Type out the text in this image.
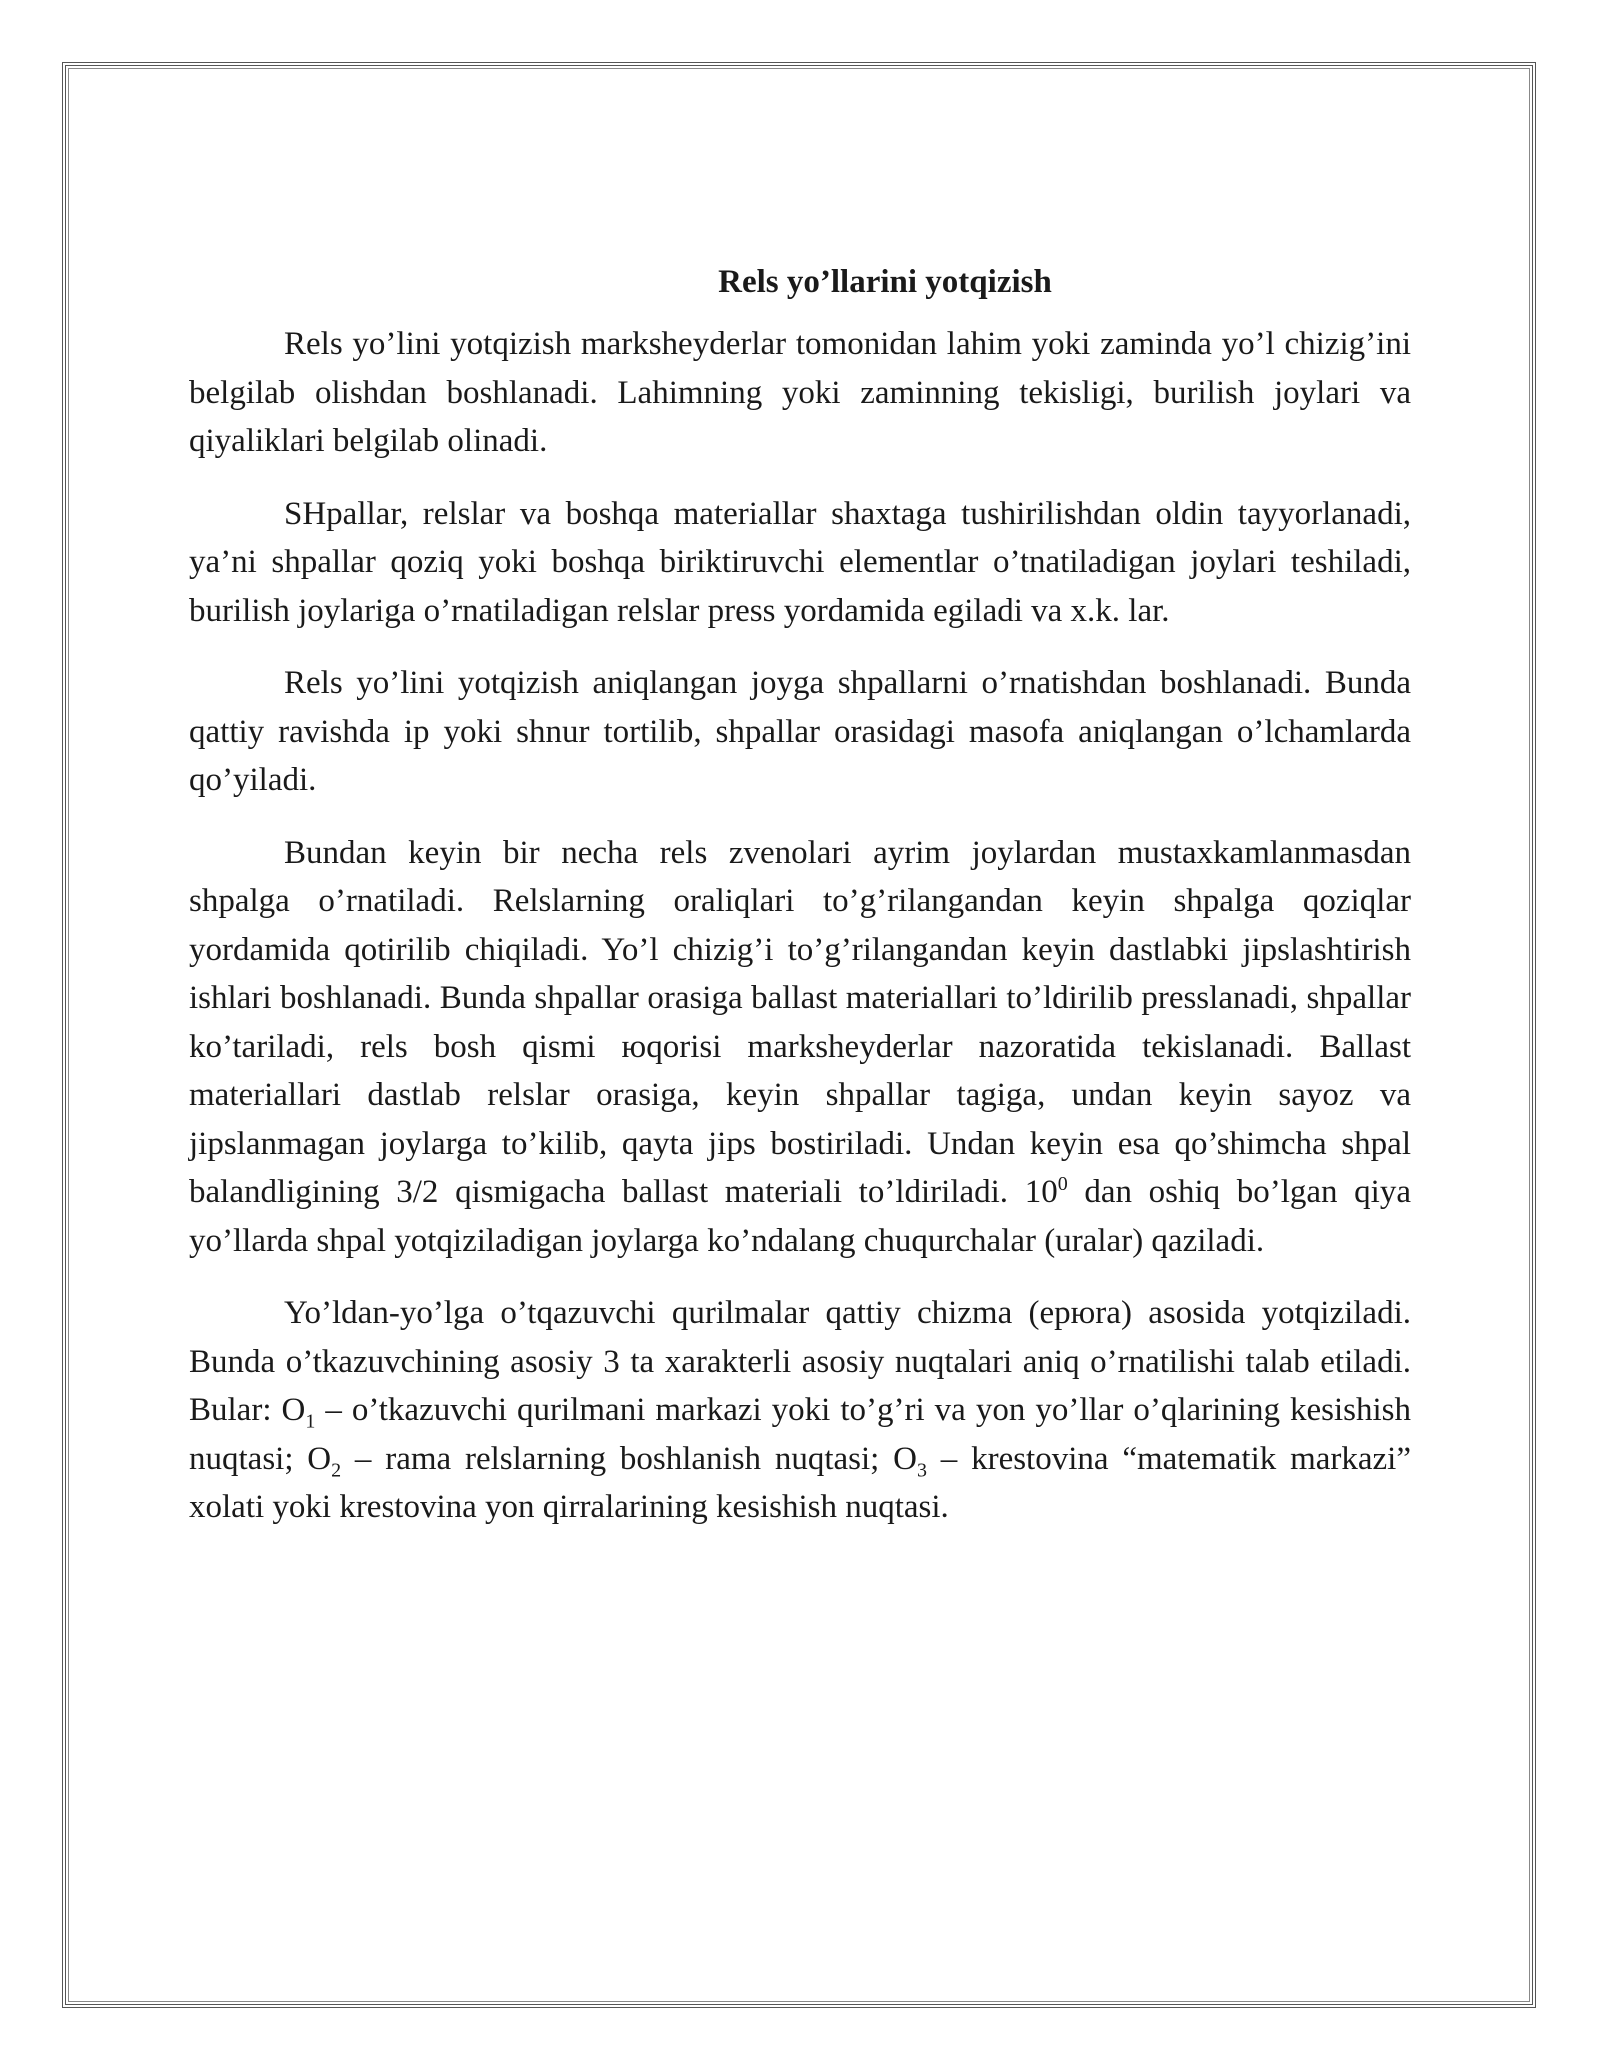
Rels yo’llarini yotqizish

Rels yo’lini yotqizish marksheyderlar tomonidan lahim yoki zaminda yo’l chizig’ini belgilab olishdan boshlanadi. Lahimning yoki zaminning tekisligi, burilish joylari va qiyaliklari belgilab olinadi.

SHpallar, relslar va boshqa materiallar shaxtaga tushirilishdan oldin tayyorlanadi, ya’ni shpallar qoziq yoki boshqa biriktiruvchi elementlar o’tnatiladigan joylari teshiladi, burilish joylariga o’rnatiladigan relslar press yordamida egiladi va x.k. lar.

Rels yo’lini yotqizish aniqlangan joyga shpallarni o’rnatishdan boshlanadi. Bunda qattiy ravishda ip yoki shnur tortilib, shpallar orasidagi masofa aniqlangan o’lchamlarda qo’yiladi.

Bundan keyin bir necha rels zvenolari ayrim joylardan mustaxkamlanmasdan shpalga o’rnatiladi. Relslarning oraliqlari to’g’rilangandan keyin shpalga qoziqlar yordamida qotirilib chiqiladi. Yo’l chizig’i to’g’rilangandan keyin dastlabki jipslashtirish ishlari boshlanadi. Bunda shpallar orasiga ballast materiallari to’ldirilib presslanadi, shpallar ko’tariladi, rels bosh qismi юqorisi marksheyderlar nazoratida tekislanadi. Ballast materiallari dastlab relslar orasiga, keyin shpallar tagiga, undan keyin sayoz va jipslanmagan joylarga to’kilib, qayta jips bostiriladi. Undan keyin esa qo’shimcha shpal balandligining 3/2 qismigacha ballast materiali to’ldiriladi. $10^0$ dan oshiq bo’lgan qiya yo’llarda shpal yotqiziladigan joylarga ko’ndalang chuqurchalar (uralar) qaziladi.

Yo’ldan-yo’lga o’tqazuvchi qurilmalar qattiy chizma (ерюra) asosida yotqiziladi. Bunda o’tkazuvchining asosiy 3 ta xarakterli asosiy nuqtalari aniq o’rnatilishi talab etiladi. Bular: $O_1$ – o’tkazuvchi qurilmani markazi yoki to’g’ri va yon yo’llar o’qlarining kesishish nuqtasi; $O_2$ – rama relslarning boshlanish nuqtasi; $O_3$ – krestovina “matematik markazi” xolati yoki krestovina yon qirralarining kesishish nuqtasi.
